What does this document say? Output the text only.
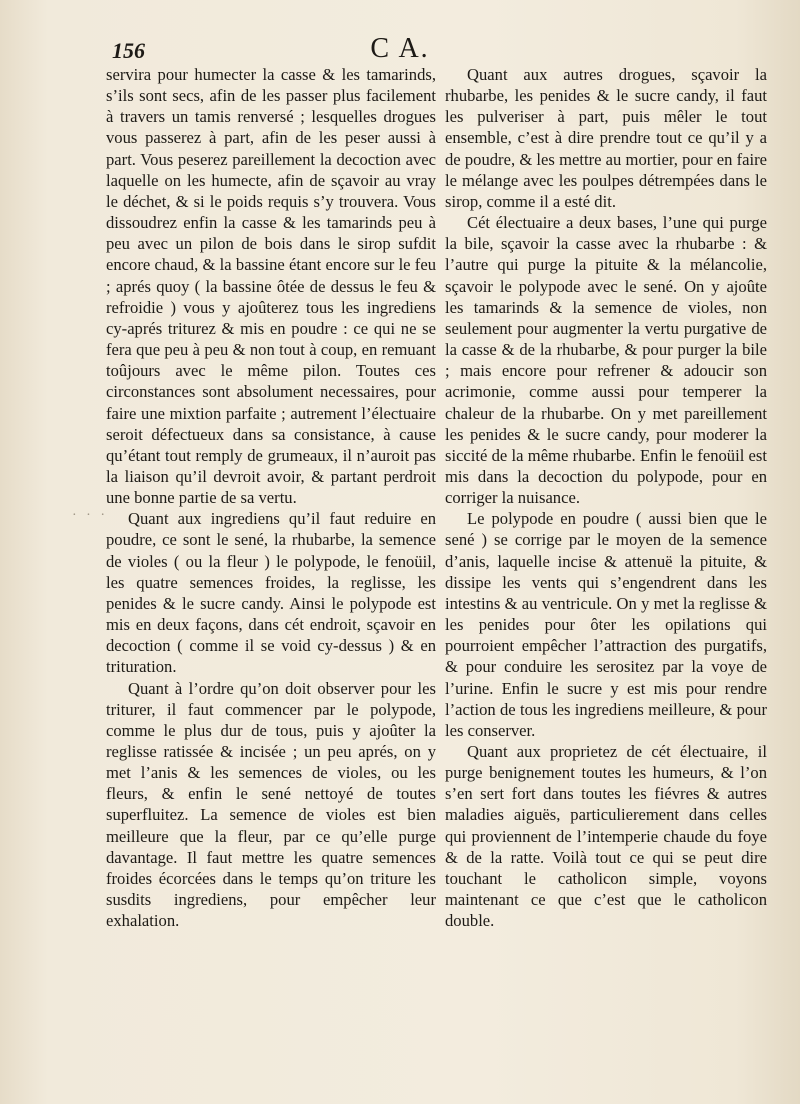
156	C A.

servira pour humecter la casse & les tamarinds, s’ils sont secs, afin de les passer plus facilement à travers un tamis renversé ; lesquelles drogues vous passerez à part, afin de les peser aussi à part. Vous peserez pareillement la decoction avec laquelle on les humecte, afin de sçavoir au vray le déchet, & si le poids requis s’y trouvera. Vous dissoudrez enfin la casse & les tamarinds peu à peu avec un pilon de bois dans le sirop sufdit encore chaud, & la bassine étant encore sur le feu ; aprés quoy ( la bassine ôtée de dessus le feu & refroidie ) vous y ajoûterez tous les ingrediens cy-aprés triturez & mis en poudre : ce qui ne se fera que peu à peu & non tout à coup, en remuant toûjours avec le même pilon. Toutes ces circonstances sont absolument necessaires, pour faire une mixtion parfaite ; autrement l’électuaire seroit défectueux dans sa consistance, à cause qu’étant tout remply de grumeaux, il n’auroit pas la liaison qu’il devroit avoir, & partant perdroit une bonne partie de sa vertu.

Quant aux ingrediens qu’il faut reduire en poudre, ce sont le sené, la rhubarbe, la semence de violes ( ou la fleur ) le polypode, le fenoüil, les quatre semences froides, la reglisse, les penides & le sucre candy. Ainsi le polypode est mis en deux façons, dans cét endroit, sçavoir en decoction ( comme il se void cy-dessus ) & en trituration.

Quant à l’ordre qu’on doit observer pour les triturer, il faut commencer par le polypode, comme le plus dur de tous, puis y ajoûter la reglisse ratissée & incisée ; un peu aprés, on y met l’anis & les semences de violes, ou les fleurs, & enfin le sené nettoyé de toutes superfluitez. La semence de violes est bien meilleure que la fleur, par ce qu’elle purge davantage. Il faut mettre les quatre semences froides écorcées dans le temps qu’on triture les susdits ingrediens, pour empêcher leur exhalation.

Quant aux autres drogues, sçavoir la rhubarbe, les penides & le sucre candy, il faut les pulveriser à part, puis mêler le tout ensemble, c’est à dire prendre tout ce qu’il y a de poudre, & les mettre au mortier, pour en faire le mélange avec les poulpes détrempées dans le sirop, comme il a esté dit.

Cét électuaire a deux bases, l’une qui purge la bile, sçavoir la casse avec la rhubarbe : & l’autre qui purge la pituite & la mélancolie, sçavoir le polypode avec le sené. On y ajoûte les tamarinds & la semence de violes, non seulement pour augmenter la vertu purgative de la casse & de la rhubarbe, & pour purger la bile ; mais encore pour refrener & adoucir son acrimonie, comme aussi pour temperer la chaleur de la rhubarbe. On y met pareillement les penides & le sucre candy, pour moderer la siccité de la même rhubarbe. Enfin le fenoüil est mis dans la decoction du polypode, pour en corriger la nuisance.

Le polypode en poudre ( aussi bien que le sené ) se corrige par le moyen de la semence d’anis, laquelle incise & attenuë la pituite, & dissipe les vents qui s’engendrent dans les intestins & au ventricule. On y met la reglisse & les penides pour ôter les opilations qui pourroient empêcher l’attraction des purgatifs, & pour conduire les serositez par la voye de l’urine. Enfin le sucre y est mis pour rendre l’action de tous les ingrediens meilleure, & pour les conserver.

Quant aux proprietez de cét électuaire, il purge benignement toutes les humeurs, & l’on s’en sert fort dans toutes les fiévres & autres maladies aiguës, particulierement dans celles qui proviennent de l’intemperie chaude du foye & de la ratte. Voilà tout ce qui se peut dire touchant le catholicon simple, voyons maintenant ce que c’est que le catholicon double.

· · ·
